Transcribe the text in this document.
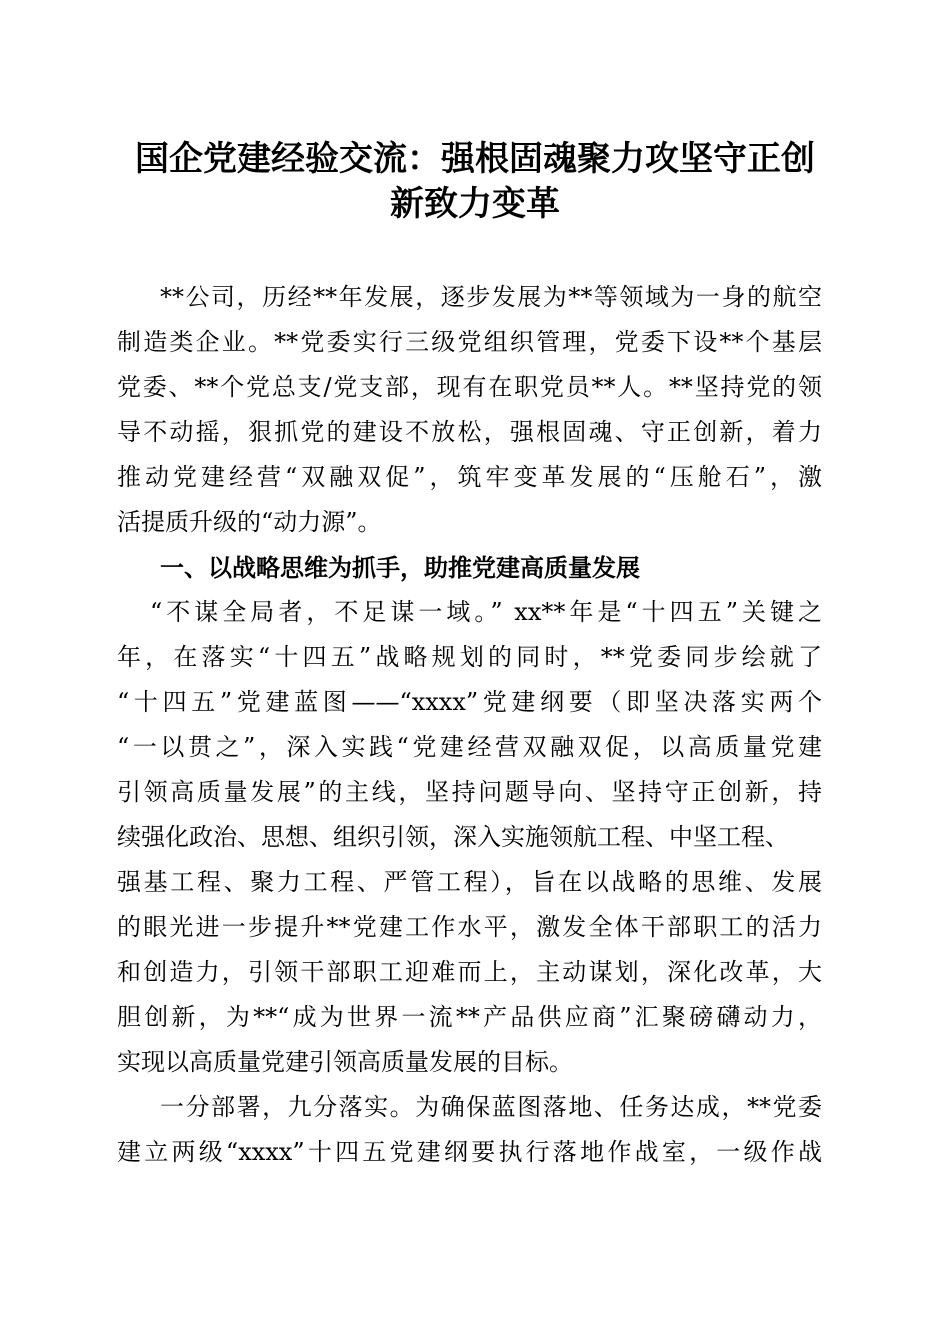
国企党建经验交流：强根固魂聚力攻坚守正创
新致力变革
**公司，历经**年发展，逐步发展为**等领域为一身的航空
制造类企业。**党委实行三级党组织管理，党委下设**个基层
党委、**个党总支/党支部，现有在职党员**人。**坚持党的领
导不动摇，狠抓党的建设不放松，强根固魂、守正创新，着力
推动党建经营“双融双促”，筑牢变革发展的“压舱石”，激
活提质升级的“动力源”。
一、以战略思维为抓手，助推党建高质量发展
“不谋全局者，不足谋一域。” xx**年是“十四五”关键之
年，在落实“十四五”战略规划的同时，**党委同步绘就了
“十四五”党建蓝图——“xxxx”党建纲要（即坚决落实两个
“一以贯之”，深入实践“党建经营双融双促，以高质量党建
引领高质量发展”的主线，坚持问题导向、坚持守正创新，持
续强化政治、思想、组织引领，深入实施领航工程、中坚工程、
强基工程、聚力工程、严管工程），旨在以战略的思维、发展
的眼光进一步提升**党建工作水平，激发全体干部职工的活力
和创造力，引领干部职工迎难而上，主动谋划，深化改革，大
胆创新，为**“成为世界一流**产品供应商”汇聚磅礴动力，
实现以高质量党建引领高质量发展的目标。
一分部署，九分落实。为确保蓝图落地、任务达成，**党委
建立两级“xxxx”十四五党建纲要执行落地作战室，一级作战
